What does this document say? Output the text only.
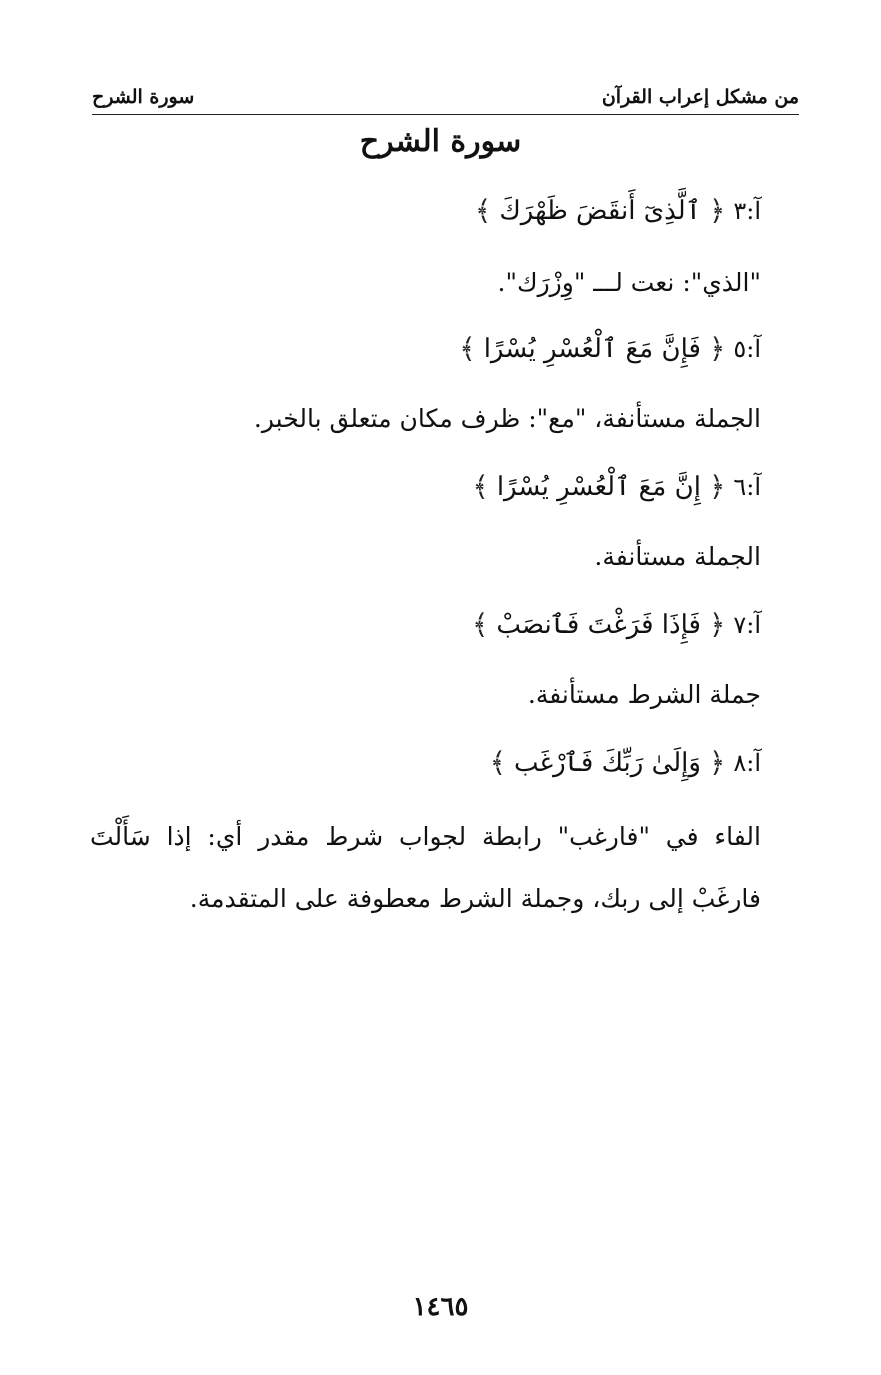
من مشكل إعراب القرآن
سورة الشرح
سورة الشرح
آ:٣
﴿
ٱلَّذِىٓ أَنقَضَ ظَهْرَكَ
﴾
"الذي": نعت لـــ "وِزْرَك".
آ:٥
﴿
فَإِنَّ مَعَ ٱلْعُسْرِ يُسْرًا
﴾
الجملة مستأنفة، "مع": ظرف مكان متعلق بالخبر.
آ:٦
﴿
إِنَّ مَعَ ٱلْعُسْرِ يُسْرًا
﴾
الجملة مستأنفة.
آ:٧
﴿
فَإِذَا فَرَغْتَ فَٱنصَبْ
﴾
جملة الشرط مستأنفة.
آ:٨
﴿
وَإِلَىٰ رَبِّكَ فَٱرْغَب
﴾
الفاء في "فارغب" رابطة لجواب شرط مقدر أي: إذا سَأَلْتَ فارغَبْ إلى ربك، وجملة الشرط معطوفة على المتقدمة.
١٤٦٥
